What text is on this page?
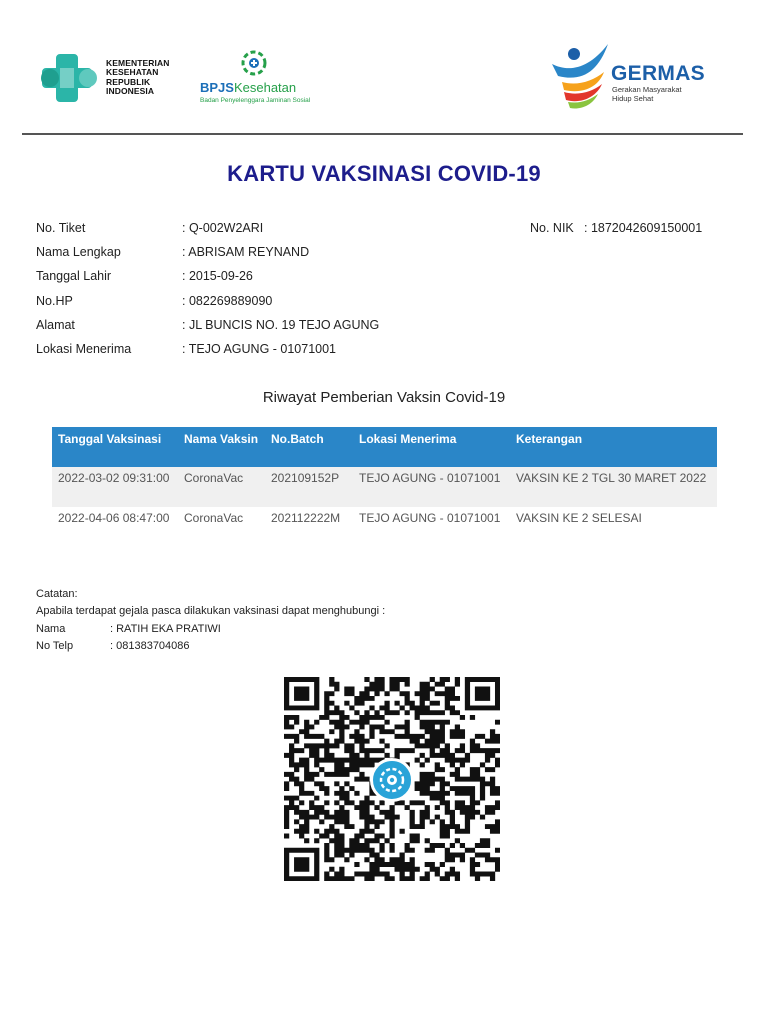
KEMENTERIAN
KESEHATAN
REPUBLIK
INDONESIA	BPJSKesehatan
Badan Penyelenggara Jaminan Sosial
GERMAS
Gerakan Masyarakat
Hidup Sehat
KARTU VAKSINASI COVID-19
No. Tiket	: Q-002W2ARI	No. NIK : 1872042609150001
Nama Lengkap	: ABRISAM REYNAND
Tanggal Lahir	: 2015-09-26
No.HP	: 082269889090
Alamat	: JL BUNCIS NO. 19 TEJO AGUNG
Lokasi Menerima	: TEJO AGUNG - 01071001
Riwayat Pemberian Vaksin Covid-19
Tanggal Vaksinasi	Nama Vaksin	No.Batch	Lokasi Menerima	Keterangan
2022-03-02 09:31:00	CoronaVac	202109152P	TEJO AGUNG - 01071001	VAKSIN KE 2 TGL 30 MARET 2022
2022-04-06 08:47:00	CoronaVac	202112222M	TEJO AGUNG - 01071001	VAKSIN KE 2 SELESAI
Catatan:
Apabila terdapat gejala pasca dilakukan vaksinasi dapat menghubungi :
Nama	: RATIH EKA PRATIWI
No Telp	: 081383704086
